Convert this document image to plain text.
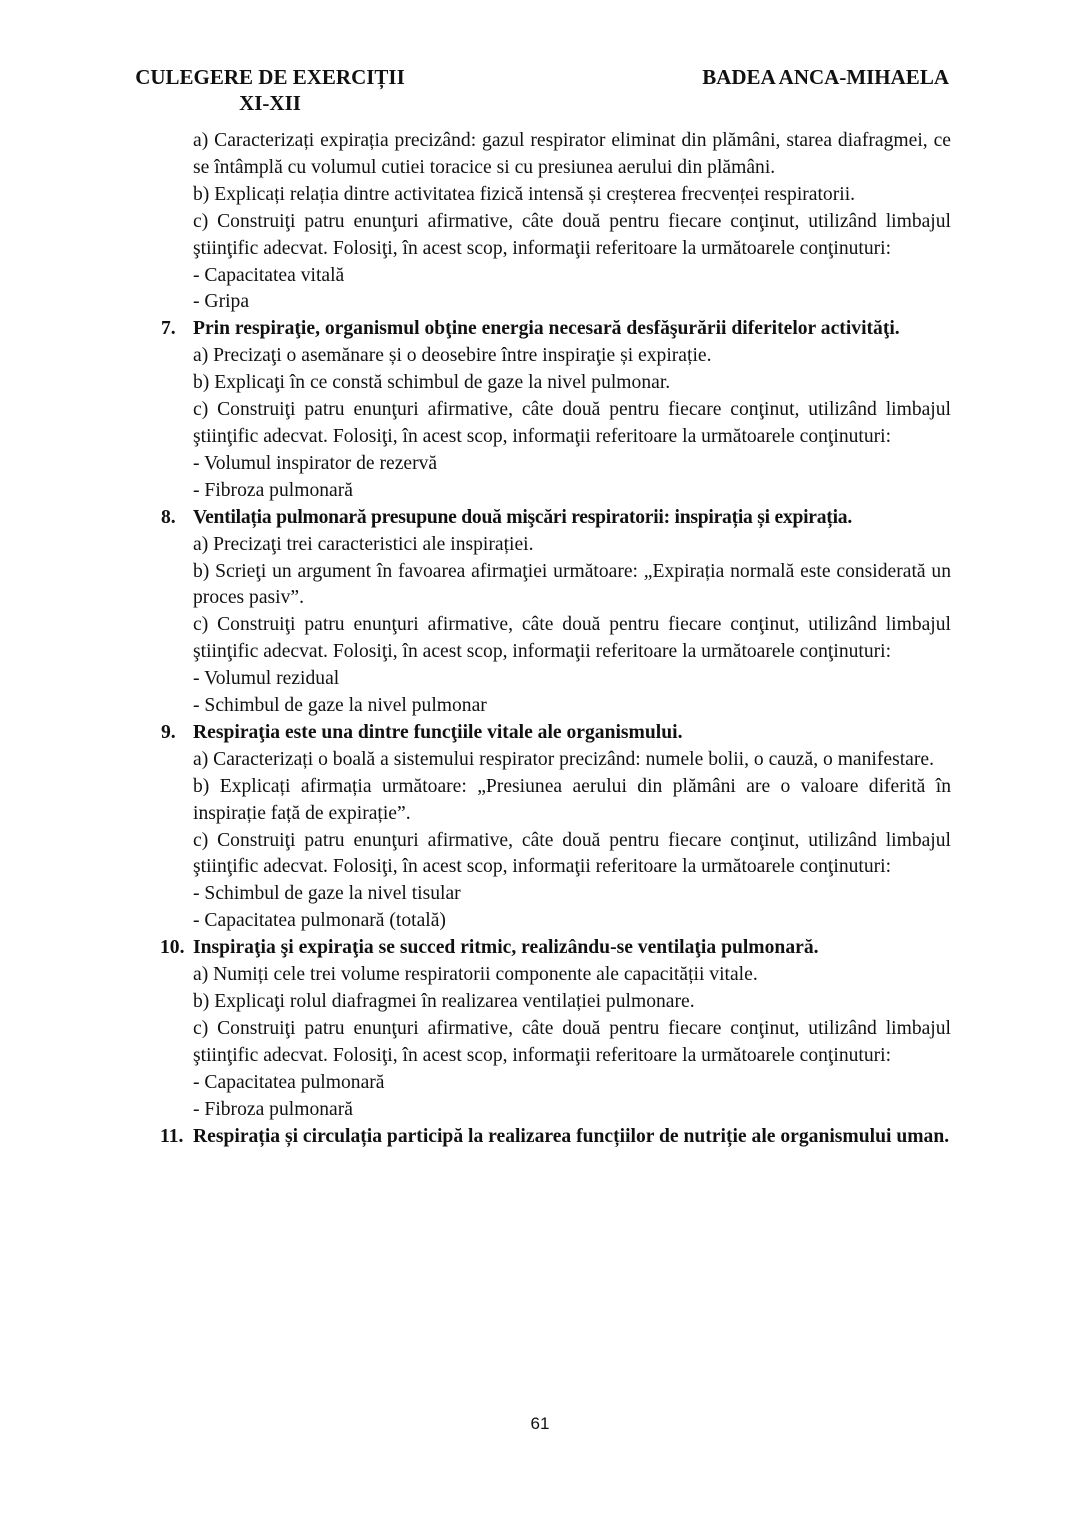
CULEGERE DE EXERCIȚII
XI-XII
BADEA ANCA-MIHAELA

a) Caracterizați expirația precizând: gazul respirator eliminat din plămâni, starea diafragmei, ce se întâmplă cu volumul cutiei toracice si cu presiunea aerului din plămâni.

b) Explicați relația dintre activitatea fizică intensă și creșterea frecvenței respiratorii.

c) Construiţi patru enunţuri afirmative, câte două pentru fiecare conţinut, utilizând limbajul ştiinţific adecvat. Folosiţi, în acest scop, informaţii referitoare la următoarele conţinuturi:

- Capacitatea vitală

- Gripa

7. Prin respiraţie, organismul obţine energia necesară desfăşurării diferitelor activităţi.

a) Precizaţi o asemănare și o deosebire între inspiraţie și expirație.

b) Explicaţi în ce constă schimbul de gaze la nivel pulmonar.

c) Construiţi patru enunţuri afirmative, câte două pentru fiecare conţinut, utilizând limbajul ştiinţific adecvat. Folosiţi, în acest scop, informaţii referitoare la următoarele conţinuturi:

- Volumul inspirator de rezervă

- Fibroza pulmonară

8. Ventilația pulmonară presupune două mişcări respiratorii: inspirația și expirația.

a) Precizaţi trei caracteristici ale inspirației.

b) Scrieţi un argument în favoarea afirmaţiei următoare: „Expirația normală este considerată un proces pasiv”.

c) Construiţi patru enunţuri afirmative, câte două pentru fiecare conţinut, utilizând limbajul ştiinţific adecvat. Folosiţi, în acest scop, informaţii referitoare la următoarele conţinuturi:

- Volumul rezidual

- Schimbul de gaze la nivel pulmonar

9. Respiraţia este una dintre funcţiile vitale ale organismului.

a) Caracterizați o boală a sistemului respirator precizând: numele bolii, o cauză, o manifestare.

b) Explicați afirmația următoare: „Presiunea aerului din plămâni are o valoare diferită în inspirație față de expirație”.

c) Construiţi patru enunţuri afirmative, câte două pentru fiecare conţinut, utilizând limbajul ştiinţific adecvat. Folosiţi, în acest scop, informaţii referitoare la următoarele conţinuturi:

- Schimbul de gaze la nivel tisular

- Capacitatea pulmonară (totală)

10. Inspiraţia şi expiraţia se succed ritmic, realizându-se ventilaţia pulmonară.

a) Numiți cele trei volume respiratorii componente ale capacității vitale.

b) Explicaţi rolul diafragmei în realizarea ventilației pulmonare.

c) Construiţi patru enunţuri afirmative, câte două pentru fiecare conţinut, utilizând limbajul ştiinţific adecvat. Folosiţi, în acest scop, informaţii referitoare la următoarele conţinuturi:

- Capacitatea pulmonară

- Fibroza pulmonară

11. Respirația și circulația participă la realizarea funcțiilor de nutriție ale organismului uman.

61
